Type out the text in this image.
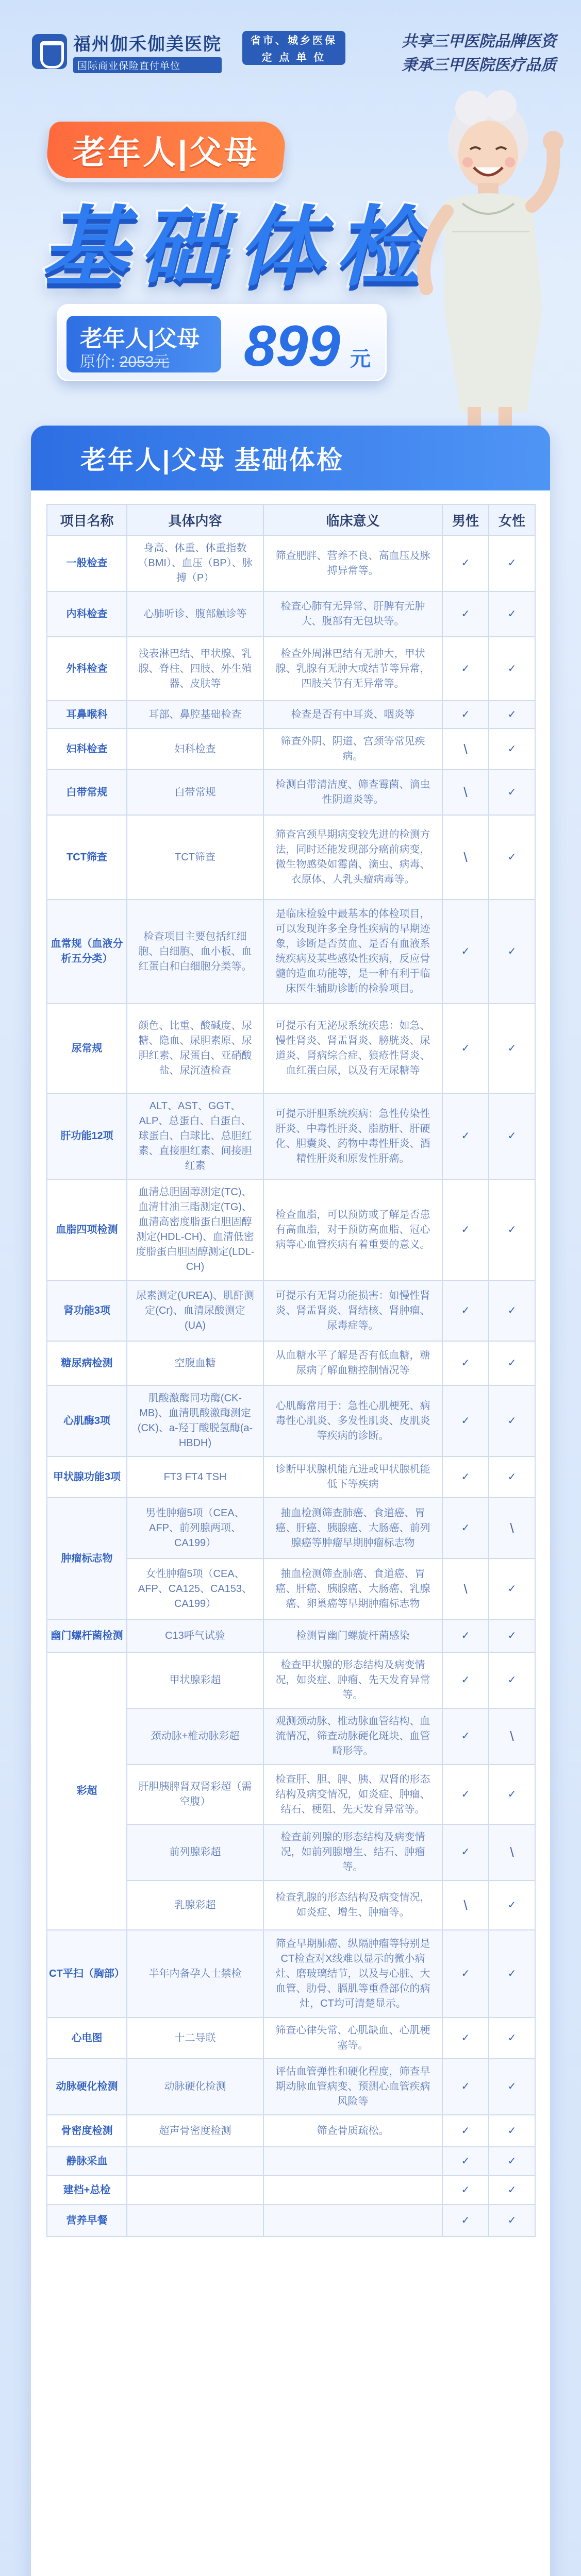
福州伽禾伽美医院
国际商业保险直付单位
省市、城乡医保
定 点 单 位
共享三甲医院品牌医资
秉承三甲医院医疗品质
老年人|父母
基础体检
老年人|父母
原价: 2053元 899 元
老年人|父母 基础体检
项目名称	具体内容	临床意义	男性	女性
一般检查	身高、体重、体重指数（BMI）、血压（BP）、脉搏（P）	筛查肥胖、营养不良、高血压及脉搏异常等。	✓	✓
内科检查	心肺听诊、腹部触诊等	检查心肺有无异常、肝脾有无肿大、腹部有无包块等。	✓	✓
外科检查	浅表淋巴结、甲状腺、乳腺、脊柱、四肢、外生殖器、皮肤等	检查外周淋巴结有无肿大，甲状腺、乳腺有无肿大或结节等异常，四肢关节有无异常等。	✓	✓
耳鼻喉科	耳部、鼻腔基础检查	检查是否有中耳炎、咽炎等	✓	✓
妇科检查	妇科检查	筛查外阴、阴道、宫颈等常见疾病。	\	✓
白带常规	白带常规	检测白带清洁度、筛查霉菌、滴虫性阴道炎等。	\	✓
TCT筛查	TCT筛查	筛查宫颈早期病变较先进的检测方法，同时还能发现部分癌前病变，微生物感染如霉菌、滴虫、病毒、衣原体、人乳头瘤病毒等。	\	✓
血常规（血液分析五分类）	检查项目主要包括红细胞、白细胞、血小板、血红蛋白和白细胞分类等。	是临床检验中最基本的体检项目，可以发现许多全身性疾病的早期迹象，诊断是否贫血、是否有血液系统疾病及某些感染性疾病，反应骨髓的造血功能等，是一种有利于临床医生辅助诊断的检验项目。	✓	✓
尿常规	颜色、比重、酸碱度、尿糖、隐血、尿胆素原、尿胆红素、尿蛋白、亚硝酸盐、尿沉渣检查	可提示有无泌尿系统疾患：如急、慢性肾炎、肾盂肾炎、膀胱炎、尿道炎、肾病综合症、狼疮性肾炎、血红蛋白尿，以及有无尿糖等	✓	✓
肝功能12项	ALT、AST、GGT、ALP、总蛋白、白蛋白、球蛋白、白球比、总胆红素、直接胆红素、间接胆红素	可提示肝胆系统疾病：急性传染性肝炎、中毒性肝炎、脂肪肝、肝硬化、胆囊炎、药物中毒性肝炎、酒精性肝炎和原发性肝癌。	✓	✓
血脂四项检测	血清总胆固醇测定(TC)、血清甘油三酯测定(TG)、血清高密度脂蛋白胆固醇测定(HDL-CH)、血清低密度脂蛋白胆固醇测定(LDL-CH)	检查血脂，可以预防或了解是否患有高血脂，对于预防高血脂、冠心病等心血管疾病有着重要的意义。	✓	✓
肾功能3项	尿素测定(UREA)、肌酐测定(Cr)、血清尿酸测定(UA)	可提示有无肾功能损害：如慢性肾炎、肾盂肾炎、肾结核、肾肿瘤、尿毒症等。	✓	✓
糖尿病检测	空腹血糖	从血糖水平了解是否有低血糖，糖尿病了解血糖控制情况等	✓	✓
心肌酶3项	肌酸激酶同功酶(CK-MB)、血清肌酸激酶测定(CK)、a-羟丁酸脱氢酶(a-HBDH)	心肌酶常用于：急性心肌梗死、病毒性心肌炎、多发性肌炎、皮肌炎等疾病的诊断。	✓	✓
甲状腺功能3项	FT3 FT4 TSH	诊断甲状腺机能亢进或甲状腺机能低下等疾病	✓	✓
肿瘤标志物	男性肿瘤5项（CEA、AFP、前列腺两项、CA199）	抽血检测筛查肺癌、食道癌、胃癌、肝癌、胰腺癌、大肠癌、前列腺癌等肿瘤早期肿瘤标志物	✓	\
	女性肿瘤5项（CEA、AFP、CA125、CA153、CA199）	抽血检测筛查肺癌、食道癌、胃癌、肝癌、胰腺癌、大肠癌、乳腺癌、卵巢癌等早期肿瘤标志物	\	✓
幽门螺杆菌检测	C13呼气试验	检测胃幽门螺旋杆菌感染	✓	✓
彩超	甲状腺彩超	检查甲状腺的形态结构及病变情况，如炎症、肿瘤、先天发育异常等。	✓	✓
	颈动脉+椎动脉彩超	观测颈动脉、椎动脉血管结构、血流情况，筛查动脉硬化斑块、血管畸形等。	✓	\
	肝胆胰脾肾双肾彩超（需空腹）	检查肝、胆、脾、胰、双肾的形态结构及病变情况，如炎症、肿瘤、结石、梗阻、先天发育异常等。	✓	✓
	前列腺彩超	检查前列腺的形态结构及病变情况，如前列腺增生、结石、肿瘤等。	✓	\
	乳腺彩超	检查乳腺的形态结构及病变情况，如炎症、增生、肿瘤等。	\	✓
CT平扫（胸部）	半年内备孕人士禁检	筛查早期肺癌、纵隔肿瘤等特别是CT检查对X线难以显示的微小病灶、磨玻璃结节，以及与心脏、大血管、肋骨、膈肌等重叠部位的病灶，CT均可清楚显示。	✓	✓
心电图	十二导联	筛查心律失常、心肌缺血、心肌梗塞等。	✓	✓
动脉硬化检测	动脉硬化检测	评估血管弹性和硬化程度，筛查早期动脉血管病变、预测心血管疾病风险等	✓	✓
骨密度检测	超声骨密度检测	筛查骨质疏松。	✓	✓
静脉采血			✓	✓
建档+总检			✓	✓
营养早餐			✓	✓
